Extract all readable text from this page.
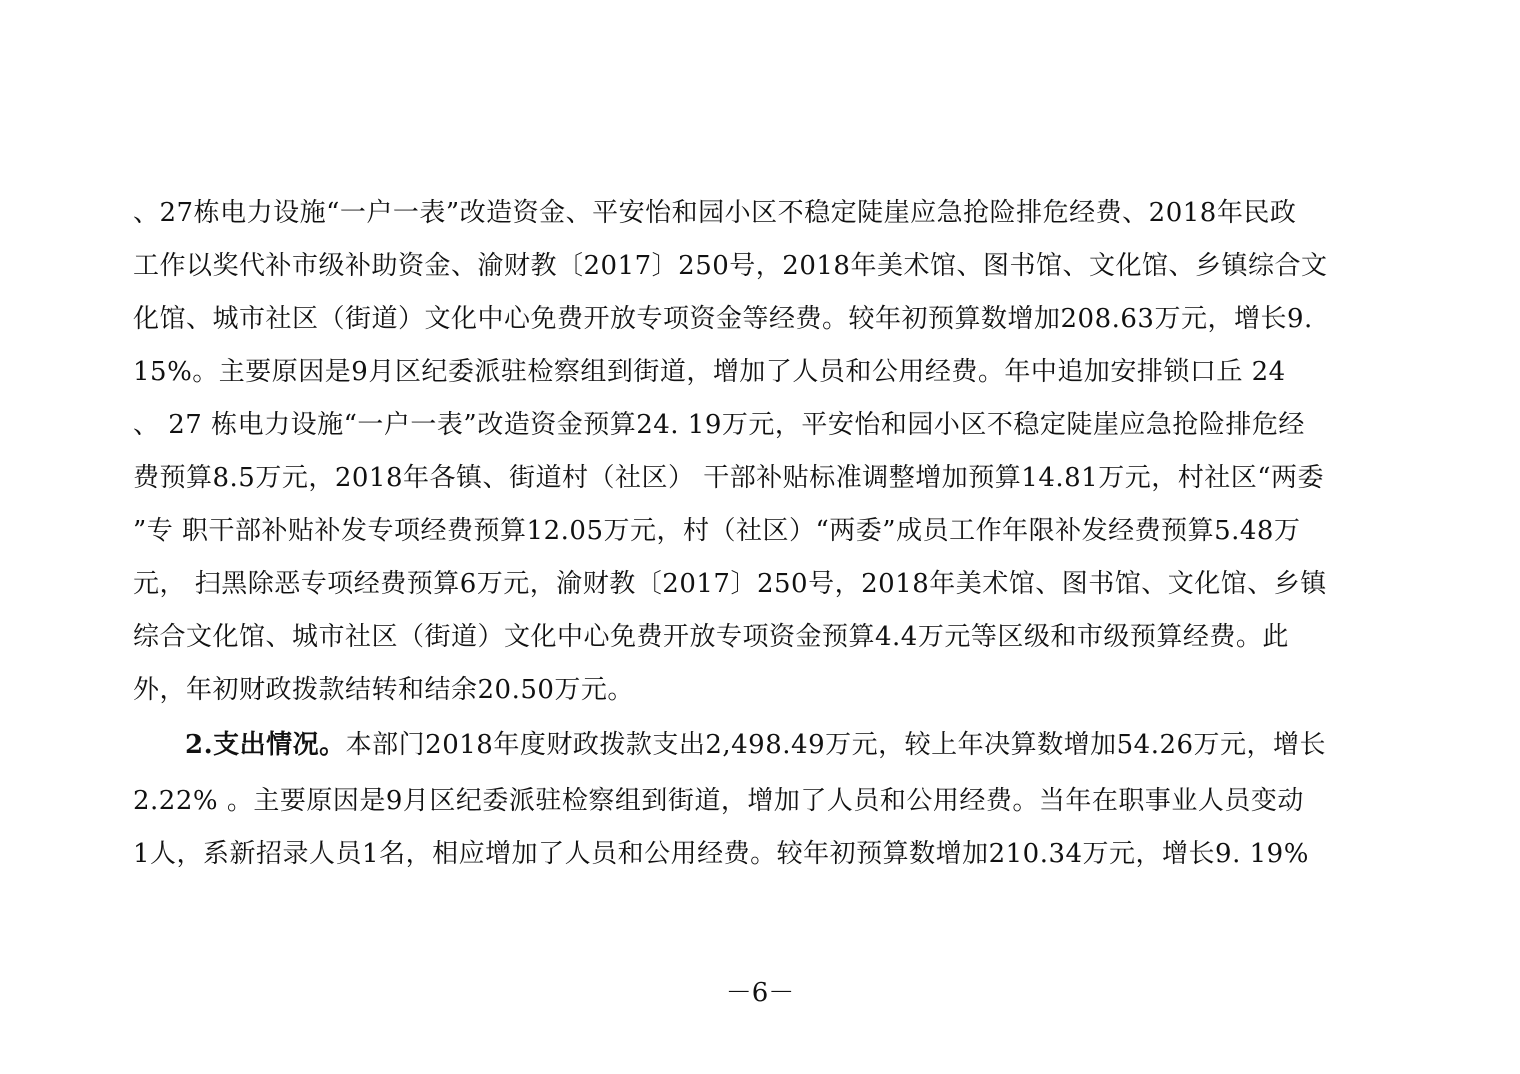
、27栋电力设施“一户一表”改造资金、平安怡和园小区不稳定陡崖应急抢险排危经费、2018年民政
工作以奖代补市级补助资金、渝财教〔2017〕250号，2018年美术馆、图书馆、文化馆、乡镇综合文
化馆、城市社区（街道）文化中心免费开放专项资金等经费。较年初预算数增加208.63万元，增长9.
15%。主要原因是9月区纪委派驻检察组到街道，增加了人员和公用经费。年中追加安排锁口丘 24
、 27 栋电力设施“一户一表”改造资金预算24. 19万元，平安怡和园小区不稳定陡崖应急抢险排危经
费预算8.5万元，2018年各镇、街道村（社区） 干部补贴标准调整增加预算14.81万元，村社区“两委
”专 职干部补贴补发专项经费预算12.05万元，村（社区）“两委”成员工作年限补发经费预算5.48万
元， 扫黑除恶专项经费预算6万元，渝财教〔2017〕250号，2018年美术馆、图书馆、文化馆、乡镇
综合文化馆、城市社区（街道）文化中心免费开放专项资金预算4.4万元等区级和市级预算经费。此
外，年初财政拨款结转和结余20.50万元。
2.支出情况。本部门2018年度财政拨款支出2,498.49万元，较上年决算数增加54.26万元，增长
2.22% 。主要原因是9月区纪委派驻检察组到街道，增加了人员和公用经费。当年在职事业人员变动
1人，系新招录人员1名，相应增加了人员和公用经费。较年初预算数增加210.34万元，增长9. 19%
－6－
